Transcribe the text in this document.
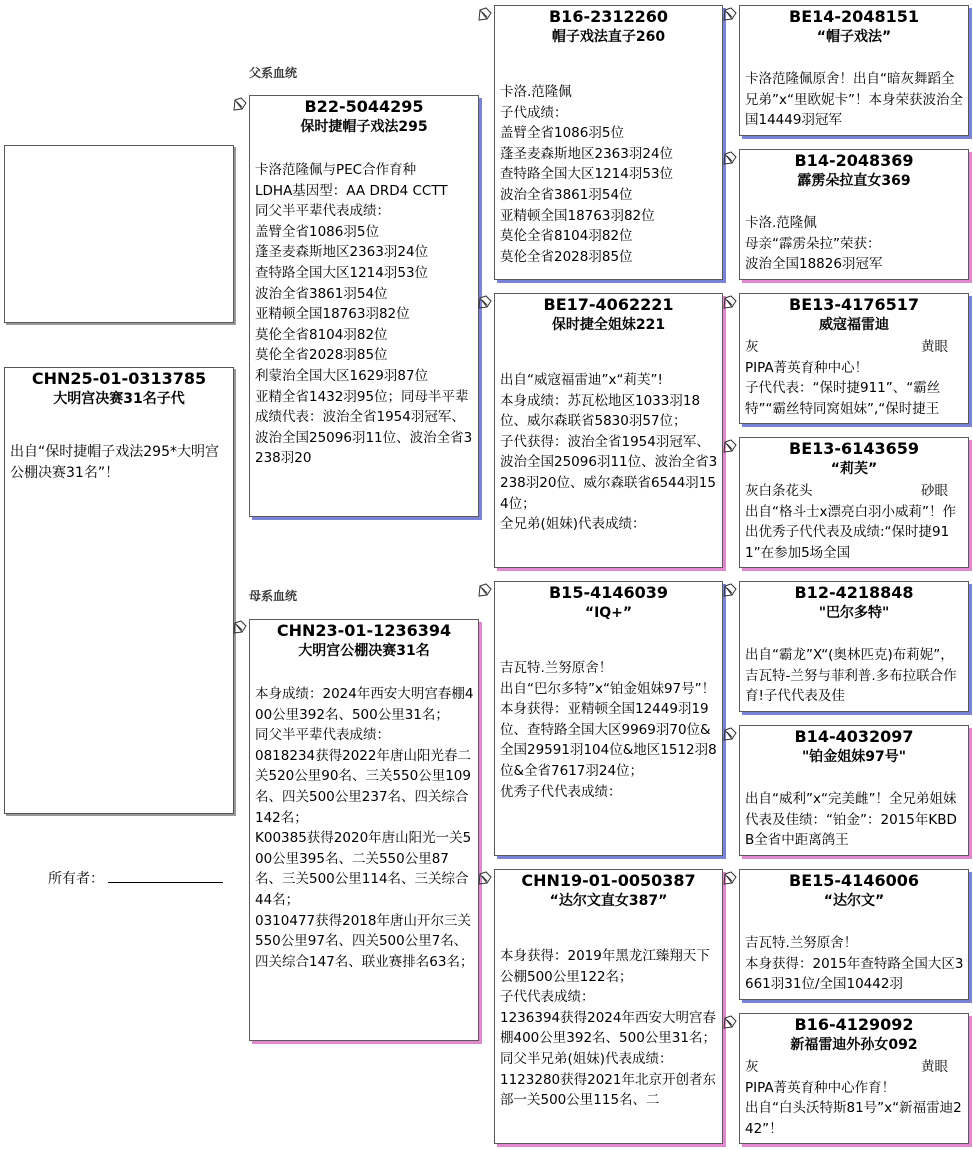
CHN25-01-0313785
大明宫决赛31名子代
出自“保时捷帽子戏法295*大明宫公棚决赛31名”！
所有者：
父系血统
母系血统
B22-5044295
保时捷帽子戏法295
卡洛范隆佩与PEC合作育种
LDHA基因型：AA DRD4 CCTT
同父半平辈代表成绩：
盖臂全省1086羽5位
蓬圣麦森斯地区2363羽24位
查特路全国大区1214羽53位
波治全省3861羽54位
亚精顿全国18763羽82位
莫伦全省8104羽82位
莫伦全省2028羽85位
利蒙治全国大区1629羽87位
亚精全省1432羽95位；同母半平辈成绩代表：波治全省1954羽冠军、波治全国25096羽11位、波治全省3238羽20
CHN23-01-1236394
大明宫公棚决赛31名
本身成绩：2024年西安大明宫春棚400公里392名、500公里31名；
同父半平辈代表成绩：
0818234获得2022年唐山阳光春二关520公里90名、三关550公里109名、四关500公里237名、四关综合142名；
K00385获得2020年唐山阳光一关500公里395名、二关550公里87名、三关500公里114名、三关综合44名；
0310477获得2018年唐山开尔三关550公里97名、四关500公里7名、四关综合147名、联业赛排名63名；
B16-2312260
帽子戏法直子260
卡洛.范隆佩
子代成绩：
盖臂全省1086羽5位
蓬圣麦森斯地区2363羽24位
查特路全国大区1214羽53位
波治全省3861羽54位
亚精顿全国18763羽82位
莫伦全省8104羽82位
莫伦全省2028羽85位
BE17-4062221
保时捷全姐妹221
出自“威寇福雷迪”x“莉芙”!
本身成绩：苏瓦松地区1033羽18位、威尔森联省5830羽57位；
子代获得：波治全省1954羽冠军、波治全国25096羽11位、波治全省3238羽20位、威尔森联省6544羽154位；
全兄弟(姐妹)代表成绩：
B15-4146039
“IQ+”
吉瓦特.兰努原舍！
出自“巴尔多特”x“铂金姐妹97号”！
本身获得：亚精顿全国12449羽19位、查特路全国大区9969羽70位&全国29591羽104位&地区1512羽8位&全省7617羽24位；
优秀子代代表成绩：
CHN19-01-0050387
“达尔文直女387”
本身获得：2019年黑龙江臻翔天下公棚500公里122名；
子代代表成绩：
1236394获得2024年西安大明宫春棚400公里392名、500公里31名；
同父半兄弟(姐妹)代表成绩：
1123280获得2021年北京开创者东部一关500公里115名、二
BE14-2048151
“帽子戏法”
卡洛范隆佩原舍！出自“暗灰舞蹈全兄弟”x“里欧妮卡”！本身荣获波治全国14449羽冠军
B14-2048369
霹雳朵拉直女369
卡洛.范隆佩
母亲“霹雳朵拉”荣获：
波治全国18826羽冠军
BE13-4176517
威寇福雷迪
灰	黄眼
PIPA菁英育种中心！
子代代表：“保时捷911”、“霸丝特”“霸丝特同窝姐妹”,“保时捷王
BE13-6143659
“莉芙”
灰白条花头	砂眼
出自“格斗士x漂亮白羽小威莉”！作出优秀子代代表及成绩:“保时捷911”在参加5场全国
B12-4218848
"巴尔多特"
出自“霸龙”X“(奥林匹克)布莉妮”，吉瓦特-兰努与菲利普.多布拉联合作育!子代代表及佳
B14-4032097
"铂金姐妹97号"
出自“威利”x“完美雌”！全兄弟姐妹代表及佳绩：“铂金”：2015年KBDB全省中距离鸽王
BE15-4146006
“达尔文”
吉瓦特.兰努原舍！
本身获得：2015年查特路全国大区3661羽31位/全国10442羽
B16-4129092
新福雷迪外孙女092
灰	黄眼
PIPA菁英育种中心作育！
出自“白头沃特斯81号”x“新福雷迪242”！
